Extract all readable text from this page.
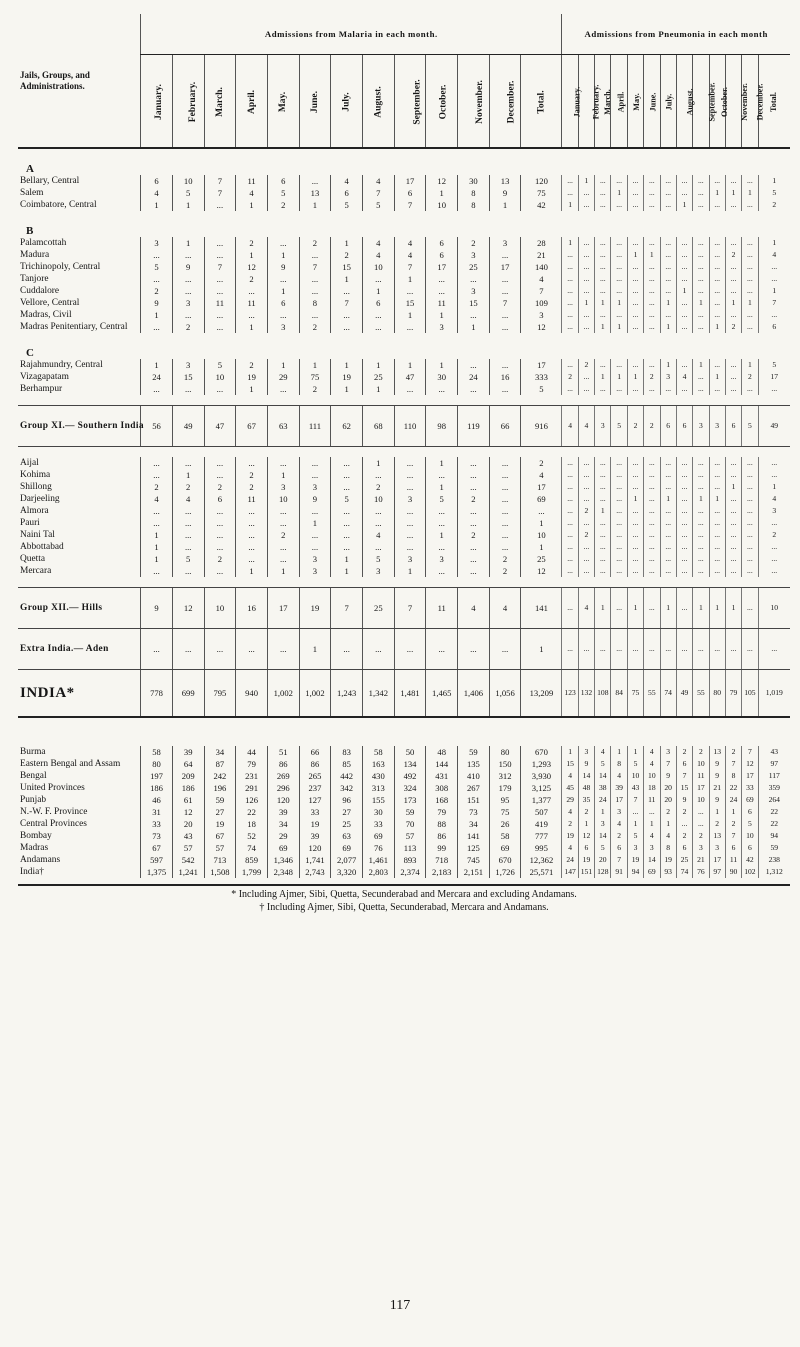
Jails, Groups, and Administrations.	Admissions from Malaria in each month.													Admissions from Pneumonia in each month												
	January.	February.	March.	April.	May.	June.	July.	August.	September.	October.	November.	December.	Total.	January.	February.	March.	April.	May.	June.	July.	August.	September.	October.	November.	December.	Total.
A																										
Bellary, Central	6	10	7	11	6	...	4	4	17	12	30	13	120	...	1	...	...	...	...	...	...	...	...	...	...	1
Salem	4	5	7	4	5	13	6	7	6	1	8	9	75	...	...	...	1	...	...	...	...	...	1	1	1	5
Coimbatore, Central	1	1	...	1	2	1	5	5	7	10	8	1	42	1	...	...	...	...	...	...	1	...	...	...	...	2
B																										
Palamcottah	3	1	...	2	...	2	1	4	4	6	2	3	28	1	...	...	...	...	...	...	...	...	...	...	...	1
Madura	...	...	...	1	1	...	2	4	4	6	3	...	21	...	...	...	...	1	1	...	...	...	...	2	...	4
Trichinopoly, Central	5	9	7	12	9	7	15	10	7	17	25	17	140	...	...	...	...	...	...	...	...	...	...	...	...	...
Tanjore	...	...	...	2	...	...	1	...	1	...	...	...	4	...	...	...	...	...	...	...	...	...	...	...	...	...
Cuddalore	2	...	...	...	1	...	...	1	...	...	3	...	7	...	...	...	...	...	...	...	1	...	...	...	...	1
Vellore, Central	9	3	11	11	6	8	7	6	15	11	15	7	109	...	1	1	1	...	...	1	...	1	...	1	1	7
Madras, Civil	1	...	...	...	...	...	...	...	1	1	...	...	3	...	...	...	...	...	...	...	...	...	...	...	...	...
Madras Penitentiary, Central	...	2	...	1	3	2	...	...	...	3	1	...	12	...	...	1	1	...	...	1	...	...	1	2	...	6
C																										
Rajahmundry, Central	1	3	5	2	1	1	1	1	1	1	...	...	17	...	2	...	...	...	...	1	...	1	...	...	1	5
Vizagapatam	24	15	10	19	29	75	19	25	47	30	24	16	333	2	...	1	1	1	2	3	4	...	1	...	2	17
Berhampur	...	...	...	1	...	2	1	1	...	...	...	...	5	...	...	...	...	...	...	...	...	...	...	...	...	...

Group XI.— Southern India	56	49	47	67	63	111	62	68	110	98	119	66	916	4	4	3	5	2	2	6	6	3	3	6	5	49

Aijal	...	...	...	...	...	...	...	1	...	1	...	...	2	...	...	...	...	...	...	...	...	...	...	...	...	...
Kohima	...	1	...	2	1	...	...	...	...	...	...	...	4	...	...	...	...	...	...	...	...	...	...	...	...	...
Shillong	2	2	2	2	3	3	...	2	...	1	...	...	17	...	...	...	...	...	...	...	...	...	...	1	...	1
Darjeeling	4	4	6	11	10	9	5	10	3	5	2	...	69	...	...	...	...	1	...	1	...	1	1	...	...	4
Almora	...	...	...	...	...	...	...	...	...	...	...	...	...	...	2	1	...	...	...	...	...	...	...	...	...	3
Pauri	...	...	...	...	...	1	...	...	...	...	...	...	1	...	...	...	...	...	...	...	...	...	...	...	...	...
Naini Tal	1	...	...	...	2	...	...	4	...	1	2	...	10	...	2	...	...	...	...	...	...	...	...	...	...	2
Abbottabad	1	...	...	...	...	...	...	...	...	...	...	...	1	...	...	...	...	...	...	...	...	...	...	...	...	...
Quetta	1	5	2	...	...	3	1	5	3	3	...	2	25	...	...	...	...	...	...	...	...	...	...	...	...	...
Mercara	...	...	...	1	1	3	1	3	1	...	...	2	12	...	...	...	...	...	...	...	...	...	...	...	...	...

Group XII.— Hills	9	12	10	16	17	19	7	25	7	11	4	4	141	...	4	1	...	1	...	1	...	1	1	1	...	10
Extra India.— Aden	...	...	...	...	...	1	...	...	...	...	...	...	1	...	...	...	...	...	...	...	...	...	...	...	...	...
INDIA*	778	699	795	940	1,002	1,002	1,243	1,342	1,481	1,465	1,406	1,056	13,209	123	132	108	84	75	55	74	49	55	80	79	105	1,019

Burma	58	39	34	44	51	66	83	58	50	48	59	80	670	1	3	4	1	1	4	3	2	2	13	2	7	43
Eastern Bengal and Assam	80	64	87	79	86	86	85	163	134	144	135	150	1,293	15	9	5	8	5	4	7	6	10	9	7	12	97
Bengal	197	209	242	231	269	265	442	430	492	431	410	312	3,930	4	14	14	4	10	10	9	7	11	9	8	17	117
United Provinces	186	186	196	291	296	237	342	313	324	308	267	179	3,125	45	48	38	39	43	18	20	15	17	21	22	33	359
Punjab	46	61	59	126	120	127	96	155	173	168	151	95	1,377	29	35	24	17	7	11	20	9	10	9	24	69	264
N.-W. F. Province	31	12	27	22	39	33	27	30	59	79	73	75	507	4	2	1	3	...	...	2	2	...	1	1	6	22
Central Provinces	33	20	19	18	34	19	25	33	70	88	34	26	419	2	1	3	4	1	1	1	...	...	2	2	5	22
Bombay	73	43	67	52	29	39	63	69	57	86	141	58	777	19	12	14	2	5	4	4	2	2	13	7	10	94
Madras	67	57	57	74	69	120	69	76	113	99	125	69	995	4	6	5	6	3	3	8	6	3	3	6	6	59
Andamans	597	542	713	859	1,346	1,741	2,077	1,461	893	718	745	670	12,362	24	19	20	7	19	14	19	25	21	17	11	42	238
India†	1,375	1,241	1,508	1,799	2,348	2,743	3,320	2,803	2,374	2,183	2,151	1,726	25,571	147	151	128	91	94	69	93	74	76	97	90	102	1,312
* Including Ajmer, Sibi, Quetta, Secunderabad and Mercara and excluding Andamans.
† Including Ajmer, Sibi, Quetta, Secunderabad, Mercara and Andamans.
117
